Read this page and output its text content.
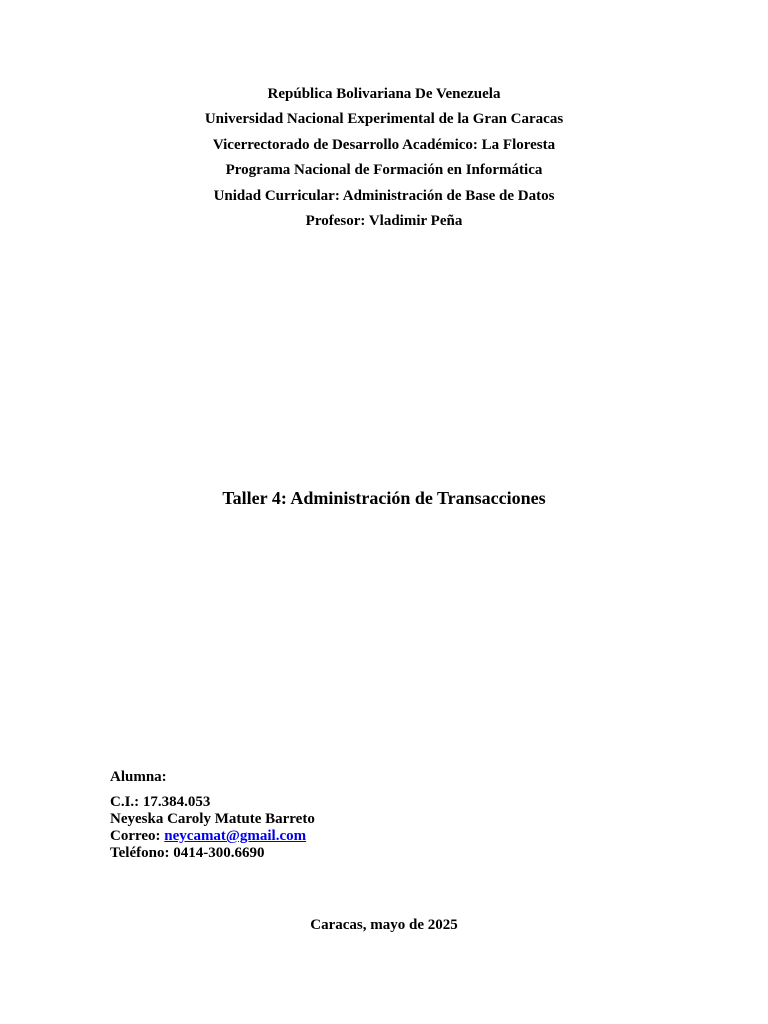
República Bolivariana De Venezuela
Universidad Nacional Experimental de la Gran Caracas
Vicerrectorado de Desarrollo Académico: La Floresta
Programa Nacional de Formación en Informática
Unidad Curricular: Administración de Base de Datos
Profesor: Vladimir Peña
Taller 4: Administración de Transacciones
Alumna:
C.I.: 17.384.053
Neyeska Caroly Matute Barreto
Correo: neycamat@gmail.com
Teléfono: 0414-300.6690
Caracas, mayo de 2025
